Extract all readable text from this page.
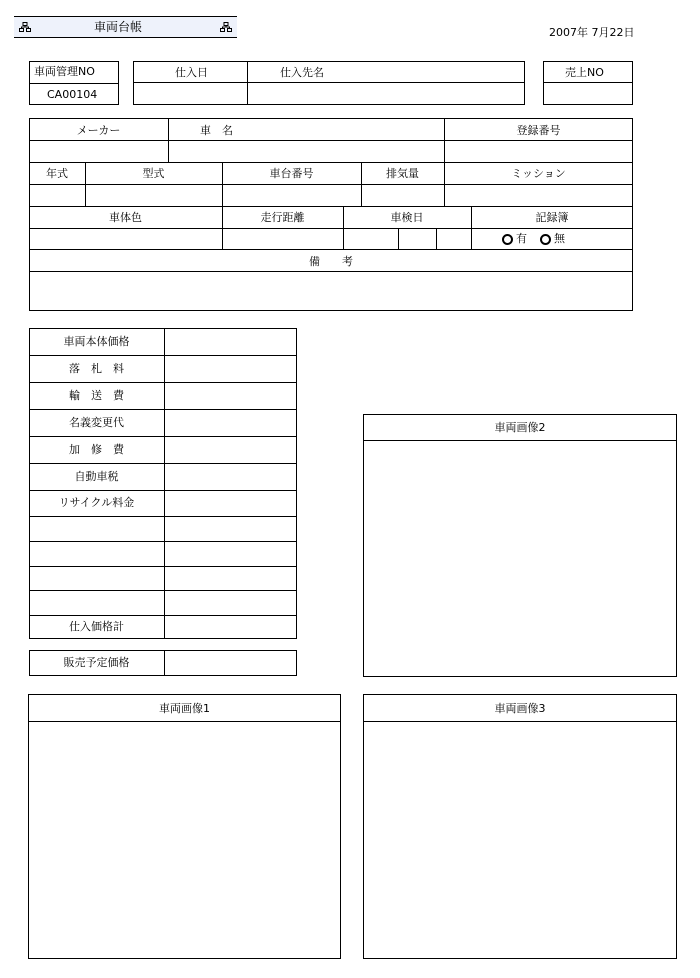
車両台帳	2007年 7月22日
車両管理NO
CA00104
仕入日	仕入先名	売上NO
メーカー	車　名	登録番号
年式	型式	車台番号	排気量	ミッション
車体色	走行距離	車検日	記録簿
有	無
備　　考
車両本体価格
落　札　料
輸　送　費
名義変更代
加　修　費
自動車税
リサイクル料金
仕入価格計
販売予定価格
車両画像2
車両画像1	車両画像3
